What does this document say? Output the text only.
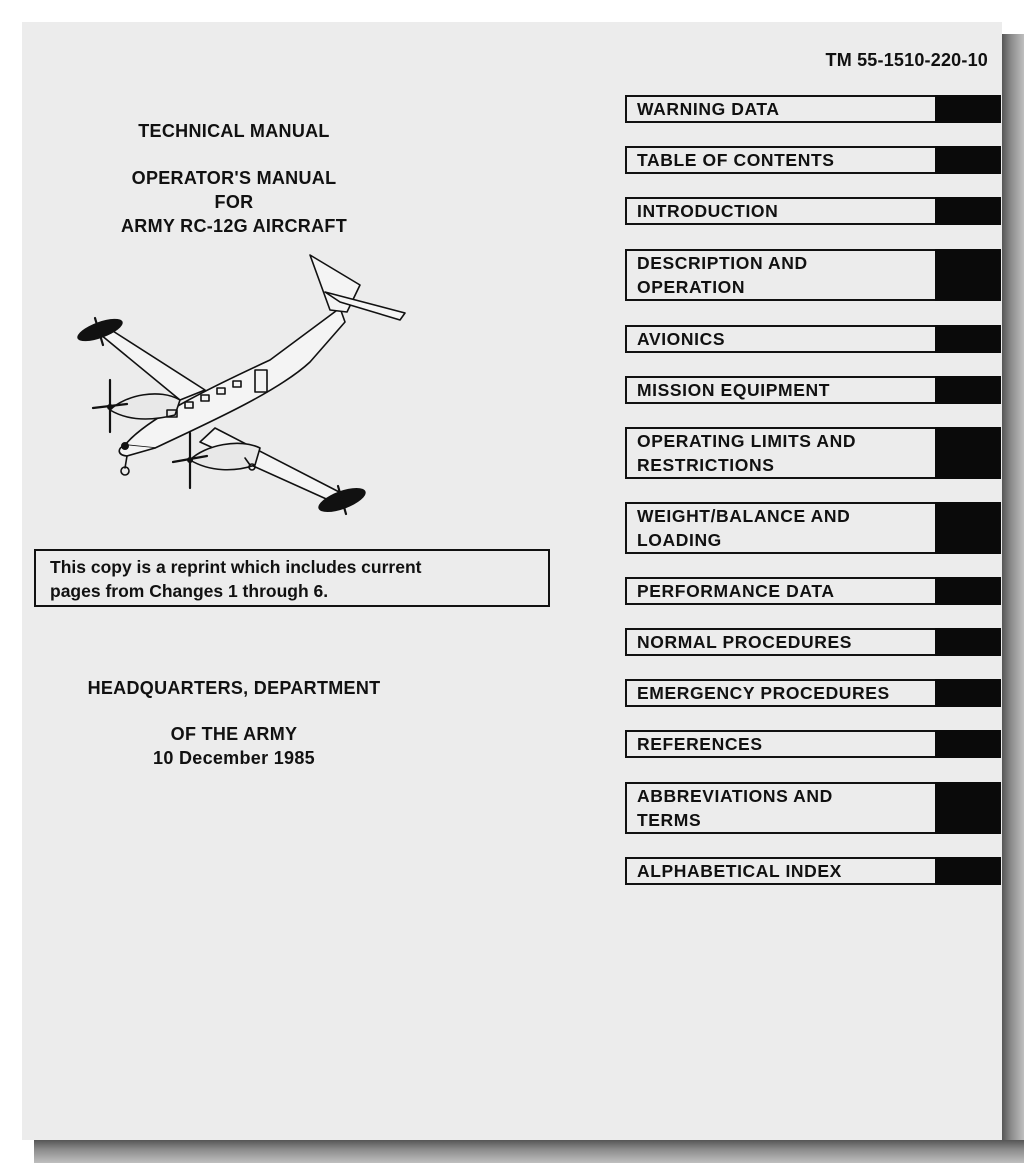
TM 55-1510-220-10
TECHNICAL MANUAL
OPERATOR'S MANUAL
FOR
ARMY RC-12G AIRCRAFT
This copy is a reprint which includes current
pages from Changes 1 through 6.
HEADQUARTERS, DEPARTMENT
OF THE ARMY
10 December 1985
WARNING DATA
TABLE OF CONTENTS
INTRODUCTION
DESCRIPTION AND
OPERATION
AVIONICS
MISSION EQUIPMENT
OPERATING LIMITS AND
RESTRICTIONS
WEIGHT/BALANCE AND
LOADING
PERFORMANCE DATA
NORMAL PROCEDURES
EMERGENCY PROCEDURES
REFERENCES
ABBREVIATIONS AND
TERMS
ALPHABETICAL INDEX
